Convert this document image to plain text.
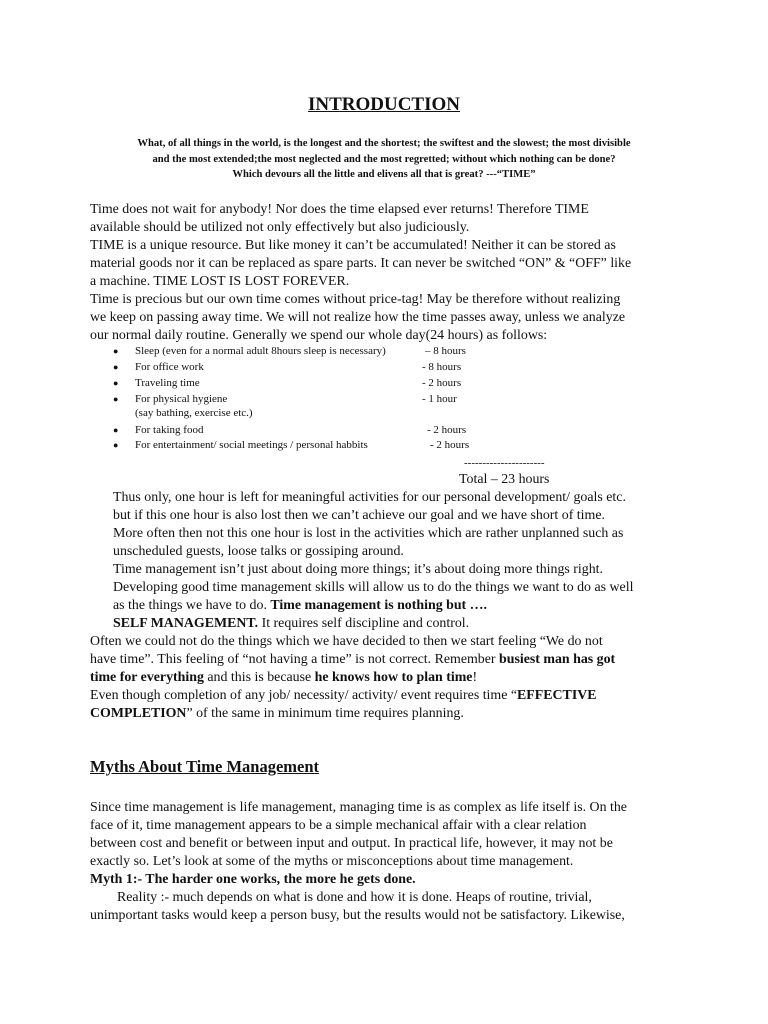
INTRODUCTION
What, of all things in the world, is the longest and the shortest; the swiftest and the slowest; the most divisible
and the most extended;the most neglected and the most regretted; without which nothing can be done?
Which devours all the little and elivens all that is great? ---“TIME”
Time does not wait for anybody! Nor does the time elapsed ever returns! Therefore TIME
available should be utilized not only effectively but also judiciously.
TIME is a unique resource. But like money it can’t be accumulated! Neither it can be stored as
material goods nor it can be replaced as spare parts. It can never be switched “ON” & “OFF” like
a machine. TIME LOST IS LOST FOREVER.
Time is precious but our own time comes without price-tag! May be therefore without realizing
we keep on passing away time. We will not realize how the time passes away, unless we analyze
our normal daily routine. Generally we spend our whole day(24 hours) as follows:
● Sleep (even for a normal adult 8hours sleep is necessary)	– 8 hours
● For office work	- 8 hours
● Traveling time	- 2 hours
● For physical hygiene	- 1 hour
(say bathing, exercise etc.)
● For taking food	- 2 hours
● For entertainment/ social meetings / personal habbits	- 2 hours
----------------------
Total – 23 hours
Thus only, one hour is left for meaningful activities for our personal development/ goals etc.
but if this one hour is also lost then we can’t achieve our goal and we have short of time.
More often then not this one hour is lost in the activities which are rather unplanned such as
unscheduled guests, loose talks or gossiping around.
Time management isn’t just about doing more things; it’s about doing more things right.
Developing good time management skills will allow us to do the things we want to do as well
as the things we have to do. Time management is nothing but ….
SELF MANAGEMENT. It requires self discipline and control.
Often we could not do the things which we have decided to then we start feeling “We do not
have time”. This feeling of “not having a time” is not correct. Remember busiest man has got
time for everything and this is because he knows how to plan time!
Even though completion of any job/ necessity/ activity/ event requires time “EFFECTIVE
COMPLETION” of the same in minimum time requires planning.
Myths About Time Management
Since time management is life management, managing time is as complex as life itself is. On the
face of it, time management appears to be a simple mechanical affair with a clear relation
between cost and benefit or between input and output. In practical life, however, it may not be
exactly so. Let’s look at some of the myths or misconceptions about time management.
Myth 1:- The harder one works, the more he gets done.
Reality :- much depends on what is done and how it is done. Heaps of routine, trivial,
unimportant tasks would keep a person busy, but the results would not be satisfactory. Likewise,
